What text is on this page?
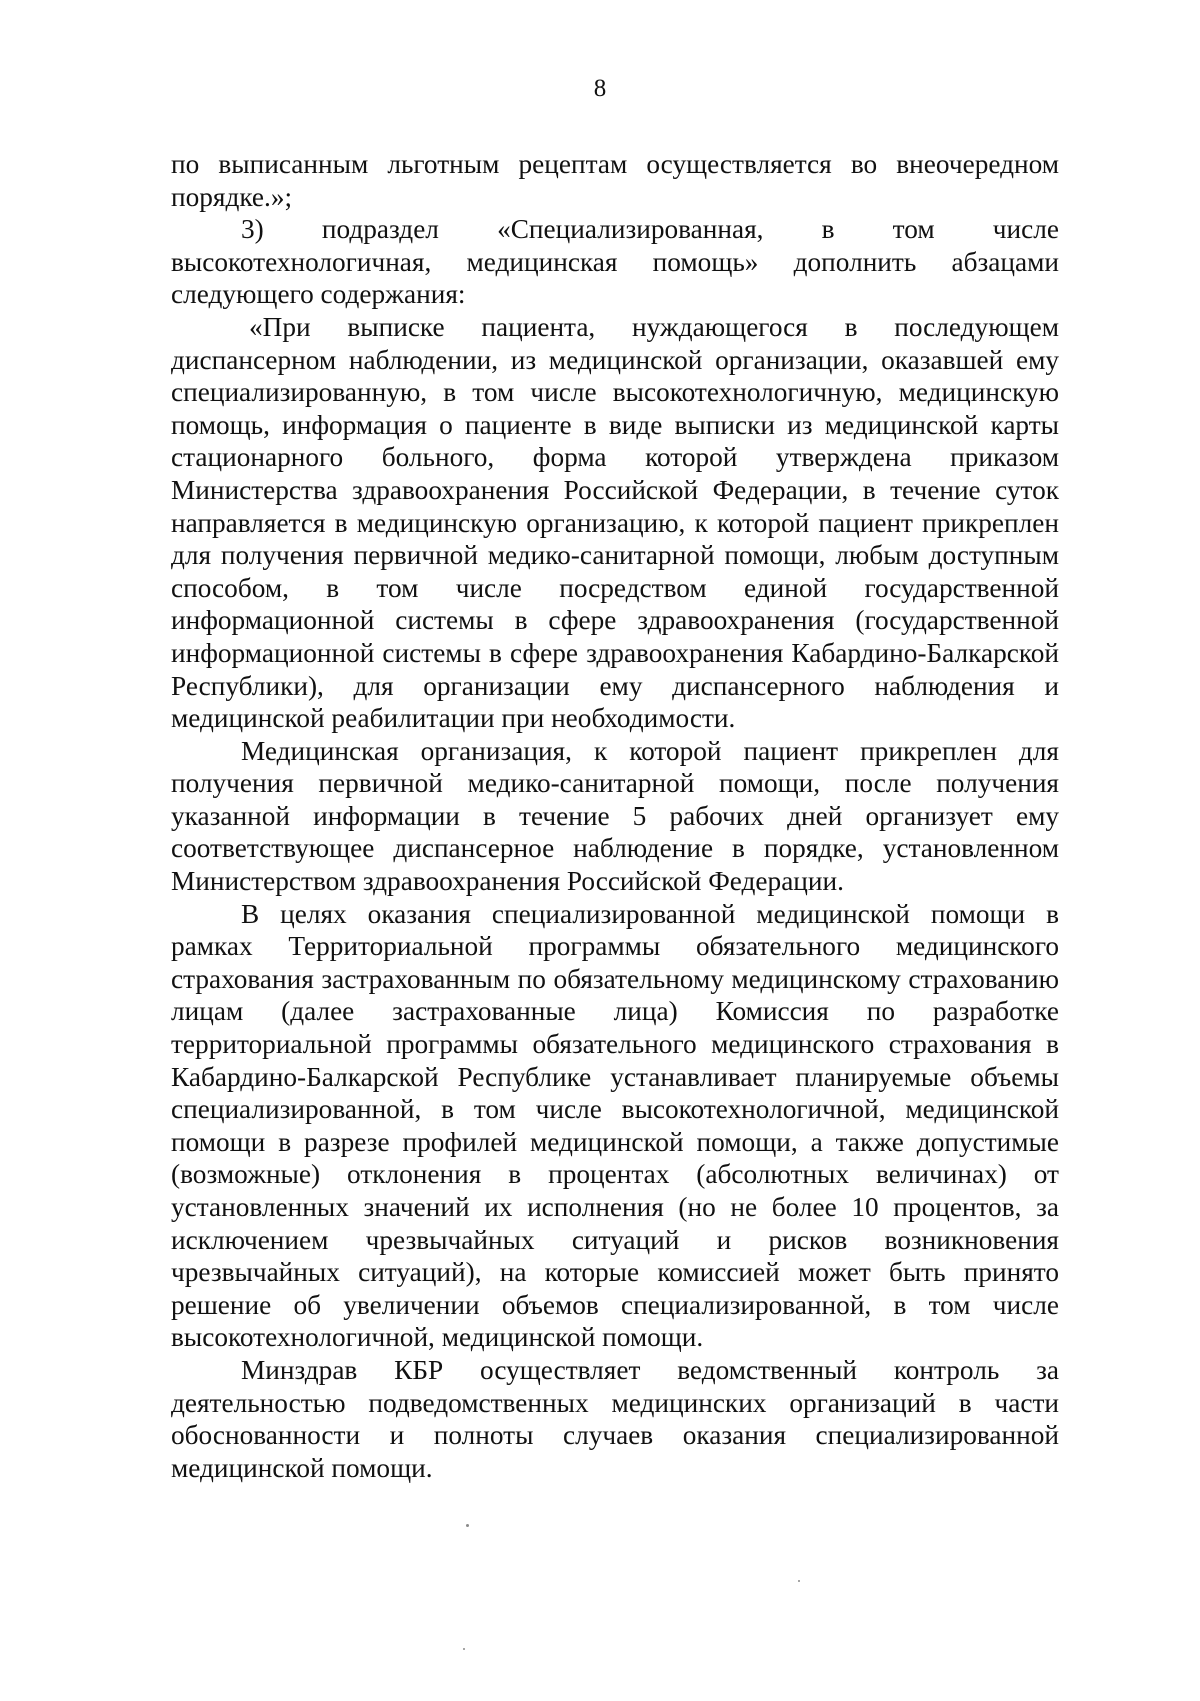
8

по выписанным льготным рецептам осуществляется во внеочередном порядке.»;

3) подраздел «Специализированная, в том числе высокотехнологичная, медицинская помощь» дополнить абзацами следующего содержания:

«При выписке пациента, нуждающегося в последующем диспансерном наблюдении, из медицинской организации, оказавшей ему специализированную, в том числе высокотехнологичную, медицинскую помощь, информация о пациенте в виде выписки из медицинской карты стационарного больного, форма которой утверждена приказом Министерства здравоохранения Российской Федерации, в течение суток направляется в медицинскую организацию, к которой пациент прикреплен для получения первичной медико-санитарной помощи, любым доступным способом, в том числе посредством единой государственной информационной системы в сфере здравоохранения (государственной информационной системы в сфере здравоохранения Кабардино-Балкарской Республики), для организации ему диспансерного наблюдения и медицинской реабилитации при необходимости.

Медицинская организация, к которой пациент прикреплен для получения первичной медико-санитарной помощи, после получения указанной информации в течение 5 рабочих дней организует ему соответствующее диспансерное наблюдение в порядке, установленном Министерством здравоохранения Российской Федерации.

В целях оказания специализированной медицинской помощи в рамках Территориальной программы обязательного медицинского страхования застрахованным по обязательному медицинскому страхованию лицам (далее застрахованные лица) Комиссия по разработке территориальной программы обязательного медицинского страхования в Кабардино-Балкарской Республике устанавливает планируемые объемы специализированной, в том числе высокотехнологичной, медицинской помощи в разрезе профилей медицинской помощи, а также допустимые (возможные) отклонения в процентах (абсолютных величинах) от установленных значений их исполнения (но не более 10 процентов, за исключением чрезвычайных ситуаций и рисков возникновения чрезвычайных ситуаций), на которые комиссией может быть принято решение об увеличении объемов специализированной, в том числе высокотехнологичной, медицинской помощи.

Минздрав КБР осуществляет ведомственный контроль за деятельностью подведомственных медицинских организаций в части обоснованности и полноты случаев оказания специализированной медицинской помощи.
